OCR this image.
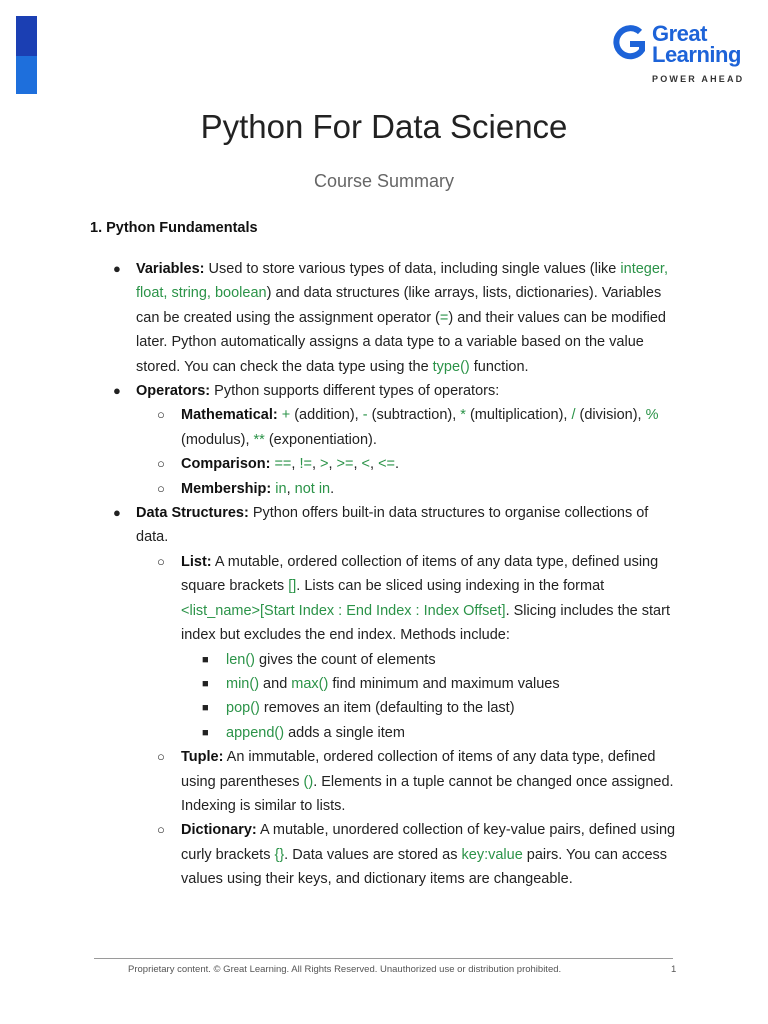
Great
Learning
POWER AHEAD
Python For Data Science
Course Summary
1. Python Fundamentals
● Variables: Used to store various types of data, including single values (like integer, float, string, boolean) and data structures (like arrays, lists, dictionaries). Variables can be created using the assignment operator (=) and their values can be modified later. Python automatically assigns a data type to a variable based on the value stored. You can check the data type using the type() function.
● Operators: Python supports different types of operators:
○ Mathematical: + (addition), - (subtraction), * (multiplication), / (division), % (modulus), ** (exponentiation).
○ Comparison: ==, !=, >, >=, <, <=.
○ Membership: in, not in.
● Data Structures: Python offers built-in data structures to organise collections of data.
○ List: A mutable, ordered collection of items of any data type, defined using square brackets []. Lists can be sliced using indexing in the format <list_name>[Start Index : End Index : Index Offset]. Slicing includes the start index but excludes the end index. Methods include:
■ len() gives the count of elements
■ min() and max() find minimum and maximum values
■ pop() removes an item (defaulting to the last)
■ append() adds a single item
○ Tuple: An immutable, ordered collection of items of any data type, defined using parentheses (). Elements in a tuple cannot be changed once assigned. Indexing is similar to lists.
○ Dictionary: A mutable, unordered collection of key-value pairs, defined using curly brackets {}. Data values are stored as key:value pairs. You can access values using their keys, and dictionary items are changeable.
Proprietary content. © Great Learning. All Rights Reserved. Unauthorized use or distribution prohibited.	1
